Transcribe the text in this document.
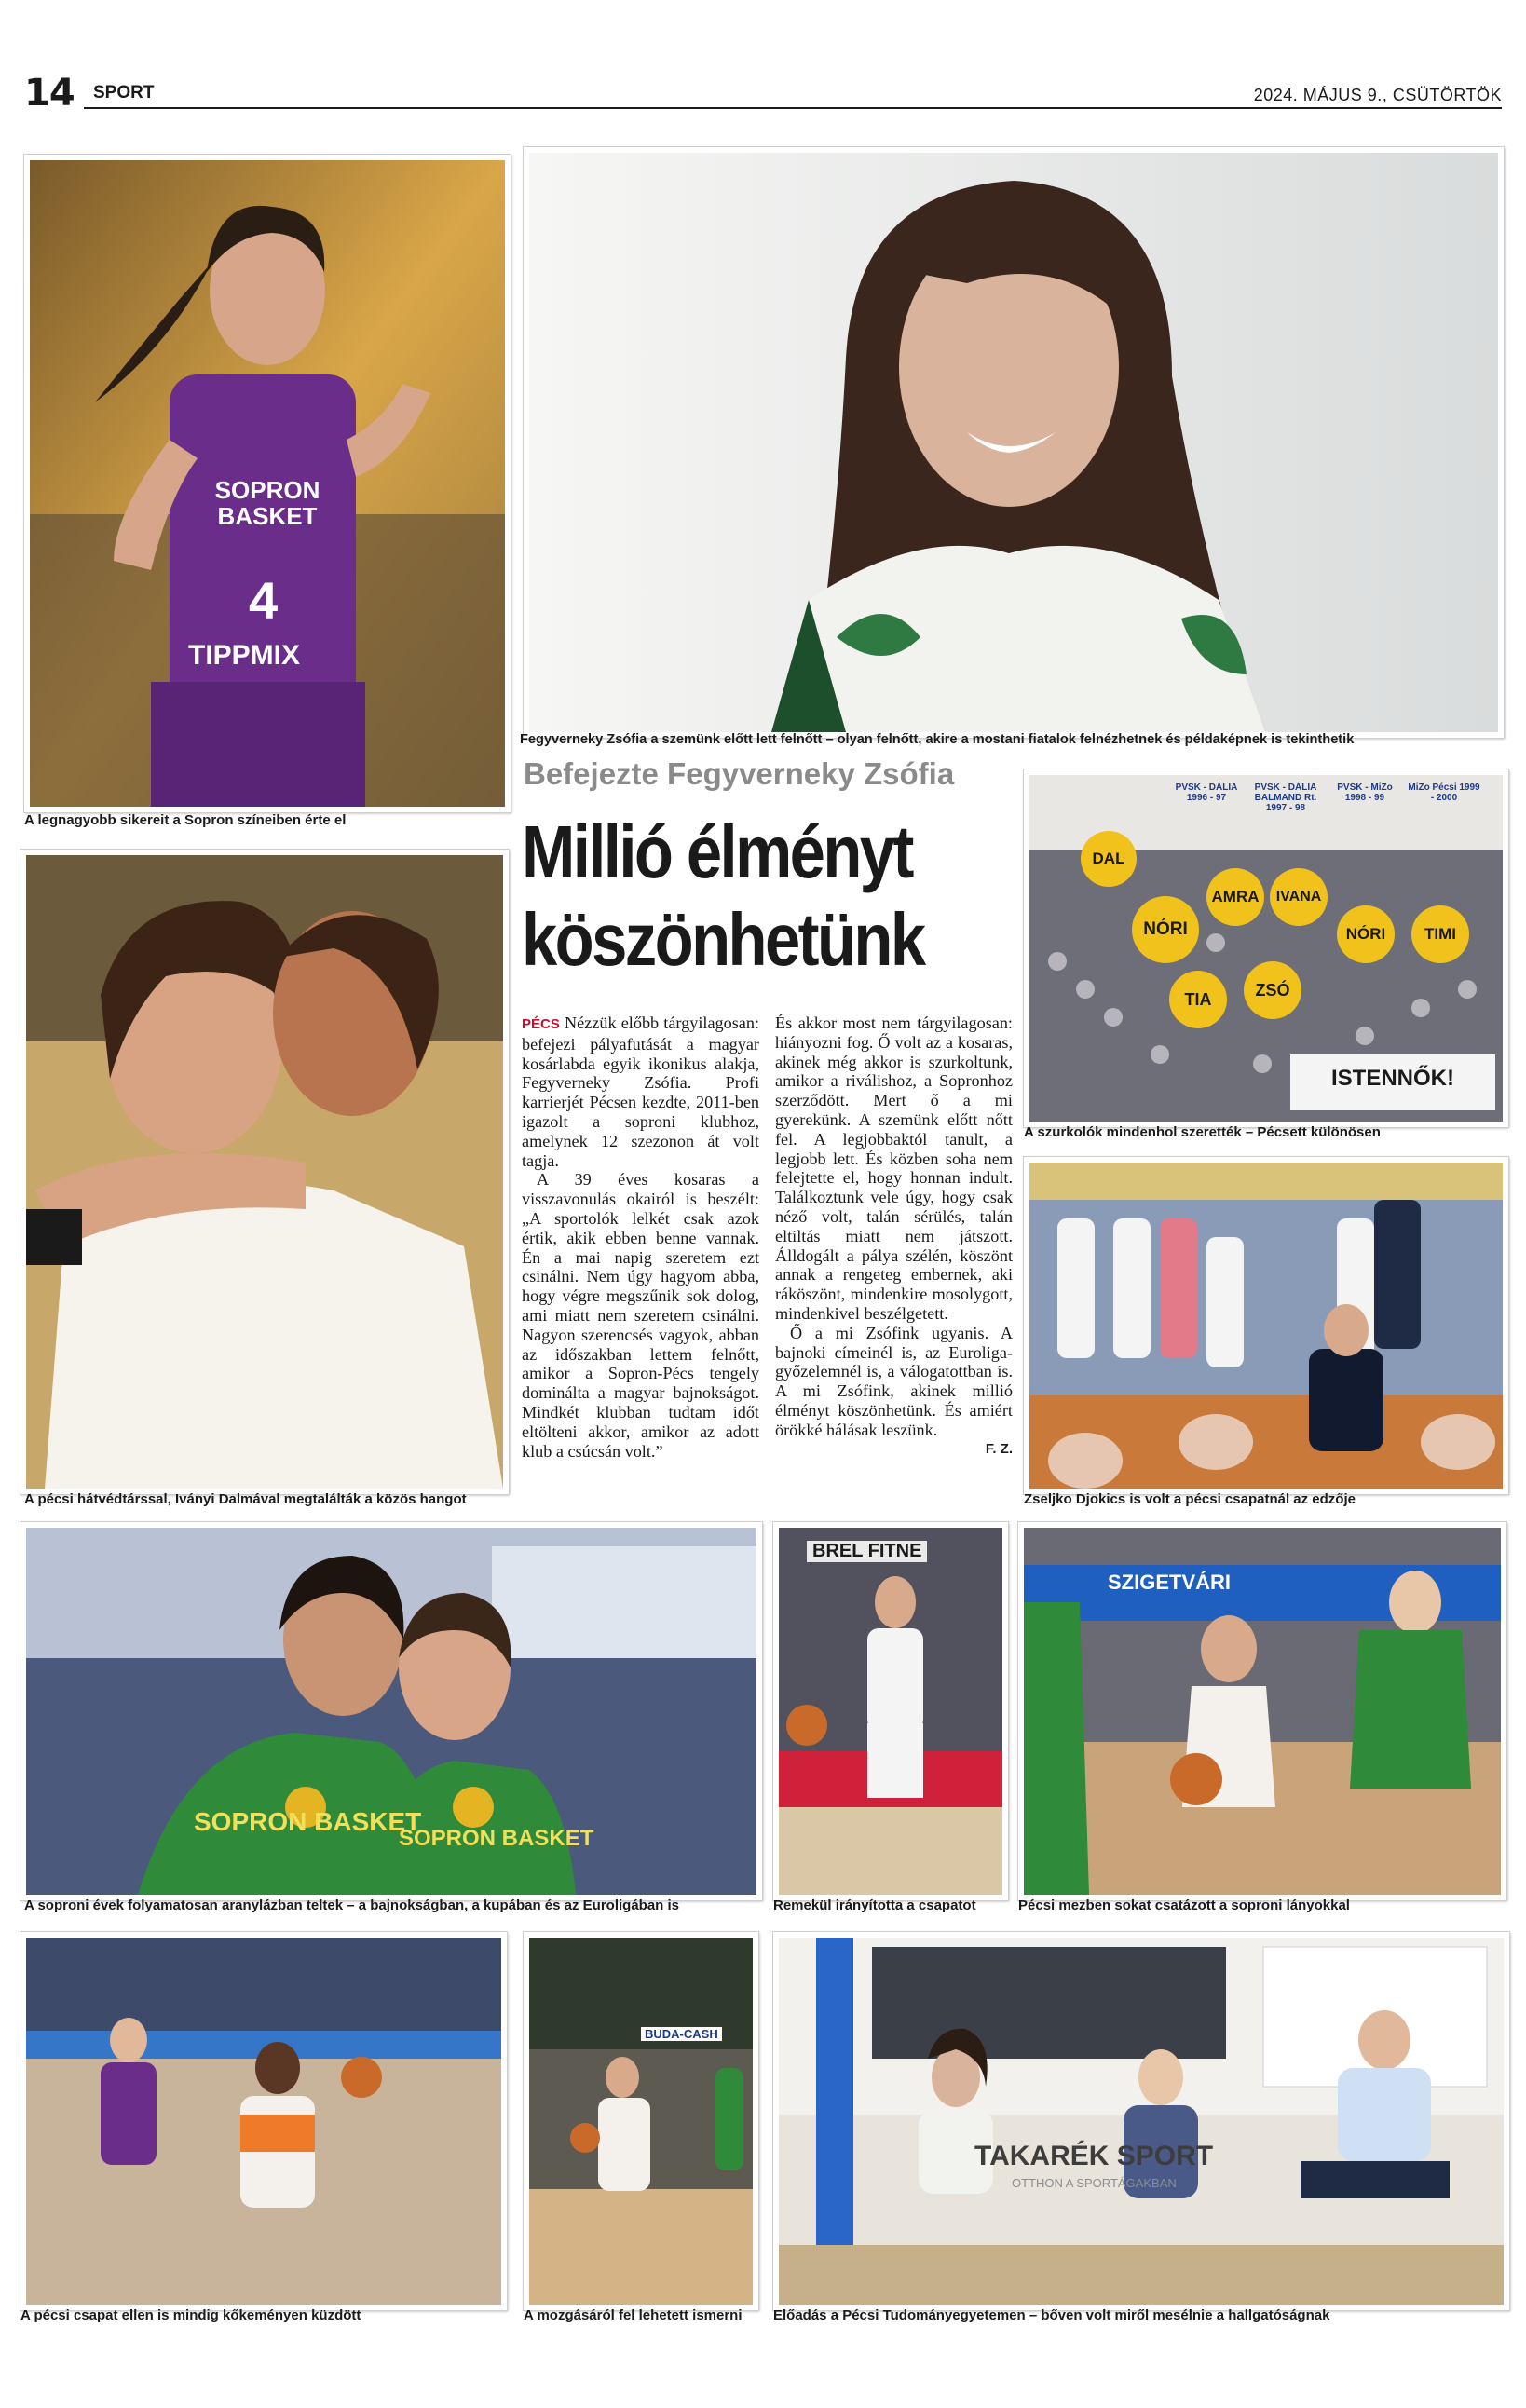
14 SPORT	2024. MÁJUS 9., CSÜTÖRTÖK
SOPRON BASKET
4
TIPPMIX
A legnagyobb sikereit a Sopron színeiben érte el
Fegyverneky Zsófia a szemünk előtt lett felnőtt – olyan felnőtt, akire a mostani fiatalok felnézhetnek és példaképnek is tekinthetik
Befejezte Fegyverneky Zsófia
Millió élményt köszönhetünk

PÉCS Nézzük előbb tárgyilagosan: befejezi pályafutását a magyar kosárlabda egyik ikonikus alakja, Fegyverneky Zsófia. Profi karrierjét Pécsen kezdte, 2011-ben igazolt a soproni klubhoz, amelynek 12 szezonon át volt tagja.

A 39 éves kosaras a visszavonulás okairól is beszélt: „A sportolók lelkét csak azok értik, akik ebben benne vannak. Én a mai napig szeretem ezt csinálni. Nem úgy hagyom abba, hogy végre megszűnik sok dolog, ami miatt nem szeretem csinálni. Nagyon szerencsés vagyok, abban az időszakban lettem felnőtt, amikor a Sopron-Pécs tengely dominálta a magyar bajnokságot. Mindkét klubban tudtam időt eltölteni akkor, amikor az adott klub a csúcsán volt.”

És akkor most nem tárgyilagosan: hiányozni fog. Ő volt az a kosaras, akinek még akkor is szurkoltunk, amikor a riválishoz, a Sopronhoz szerződött. Mert ő a mi gyerekünk. A szemünk előtt nőtt fel. A legjobbaktól tanult, a legjobb lett. És közben soha nem felejtette el, hogy honnan indult. Találkoztunk vele úgy, hogy csak néző volt, talán sérülés, talán eltiltás miatt nem játszott. Álldogált a pálya szélén, köszönt annak a rengeteg embernek, aki ráköszönt, mindenkire mosolygott, mindenkivel beszélgetett.

Ő a mi Zsófink ugyanis. A bajnoki címeinél is, az Euroliga-győzelemnél is, a válogatottban is. A mi Zsófink, akinek millió élményt köszönhetünk. És amiért örökké hálásak leszünk.

F. Z.
A pécsi hátvédtárssal, Iványi Dalmával megtalálták a közös hangot
PVSK - DÁLIA 1996 - 97
PVSK - DÁLIA BALMAND Rt. 1997 - 98
PVSK - MiZo 1998 - 99
MiZo Pécsi 1999 - 2000
DAL
NÓRI
AMRA	IVANA
NÓRI	TIMI
TIA	ZSÓ
ISTENNŐK!
A szurkolók mindenhol szerették – Pécsett különösen
Zseljko Djokics is volt a pécsi csapatnál az edzője
SOPRON BASKET
SOPRON BASKET
A soproni évek folyamatosan aranylázban teltek – a bajnokságban, a kupában és az Euroligában is
BREL FITNE
Remekül irányította a csapatot
SZIGETVÁRI
Pécsi mezben sokat csatázott a soproni lányokkal
A pécsi csapat ellen is mindig kőkeményen küzdött
BUDA-CASH
A mozgásáról fel lehetett ismerni
TAKARÉK SPORT
OTTHON A SPORTÁGAKBAN
Előadás a Pécsi Tudományegyetemen – bőven volt miről mesélnie a hallgatóságnak
